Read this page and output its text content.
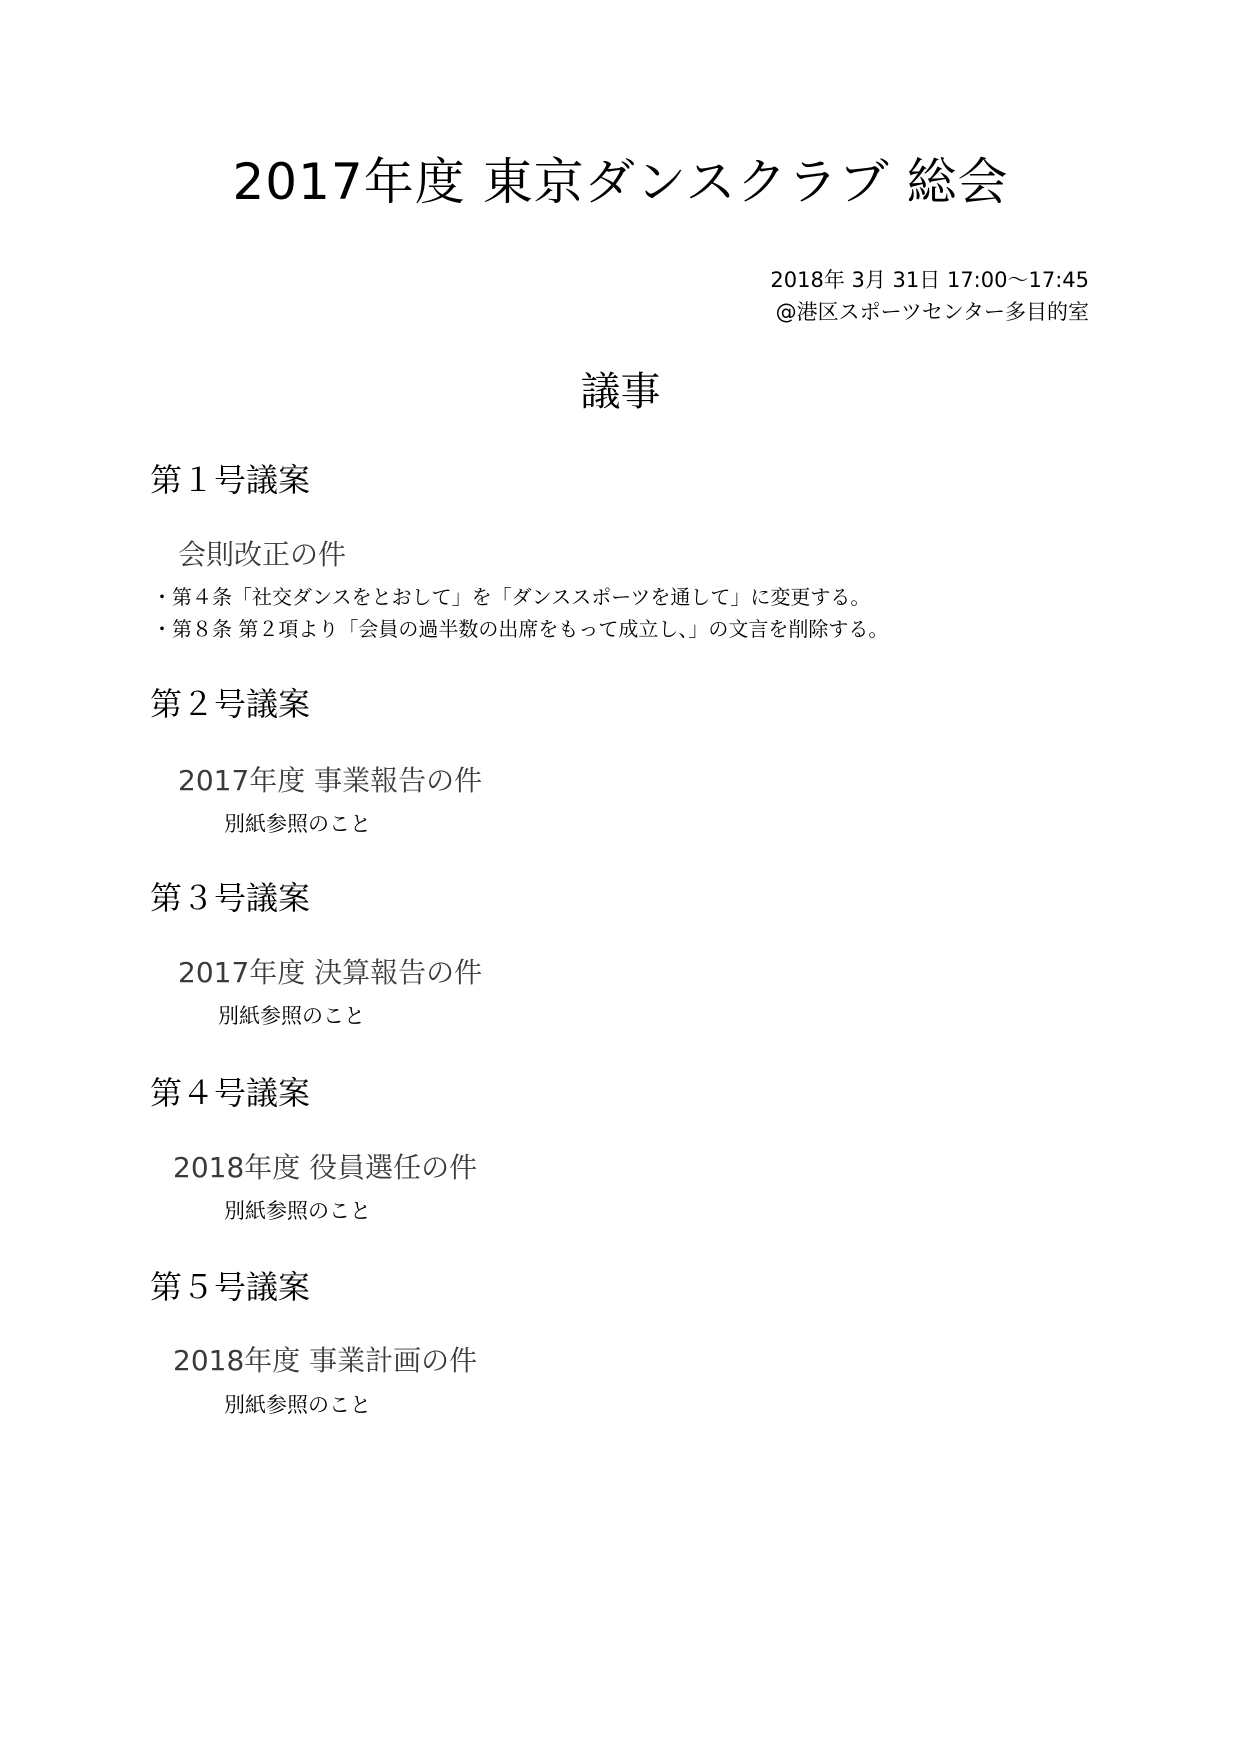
2017年度 東京ダンスクラブ 総会
2018年 3月 31日 17:00～17:45
@港区スポーツセンター多目的室
議事
第１号議案
会則改正の件
・第４条「社交ダンスをとおして」を「ダンススポーツを通して」に変更する。
・第８条 第２項より「会員の過半数の出席をもって成立し、」の文言を削除する。
第２号議案
2017年度 事業報告の件
別紙参照のこと
第３号議案
2017年度 決算報告の件
別紙参照のこと
第４号議案
2018年度 役員選任の件
別紙参照のこと
第５号議案
2018年度 事業計画の件
別紙参照のこと
